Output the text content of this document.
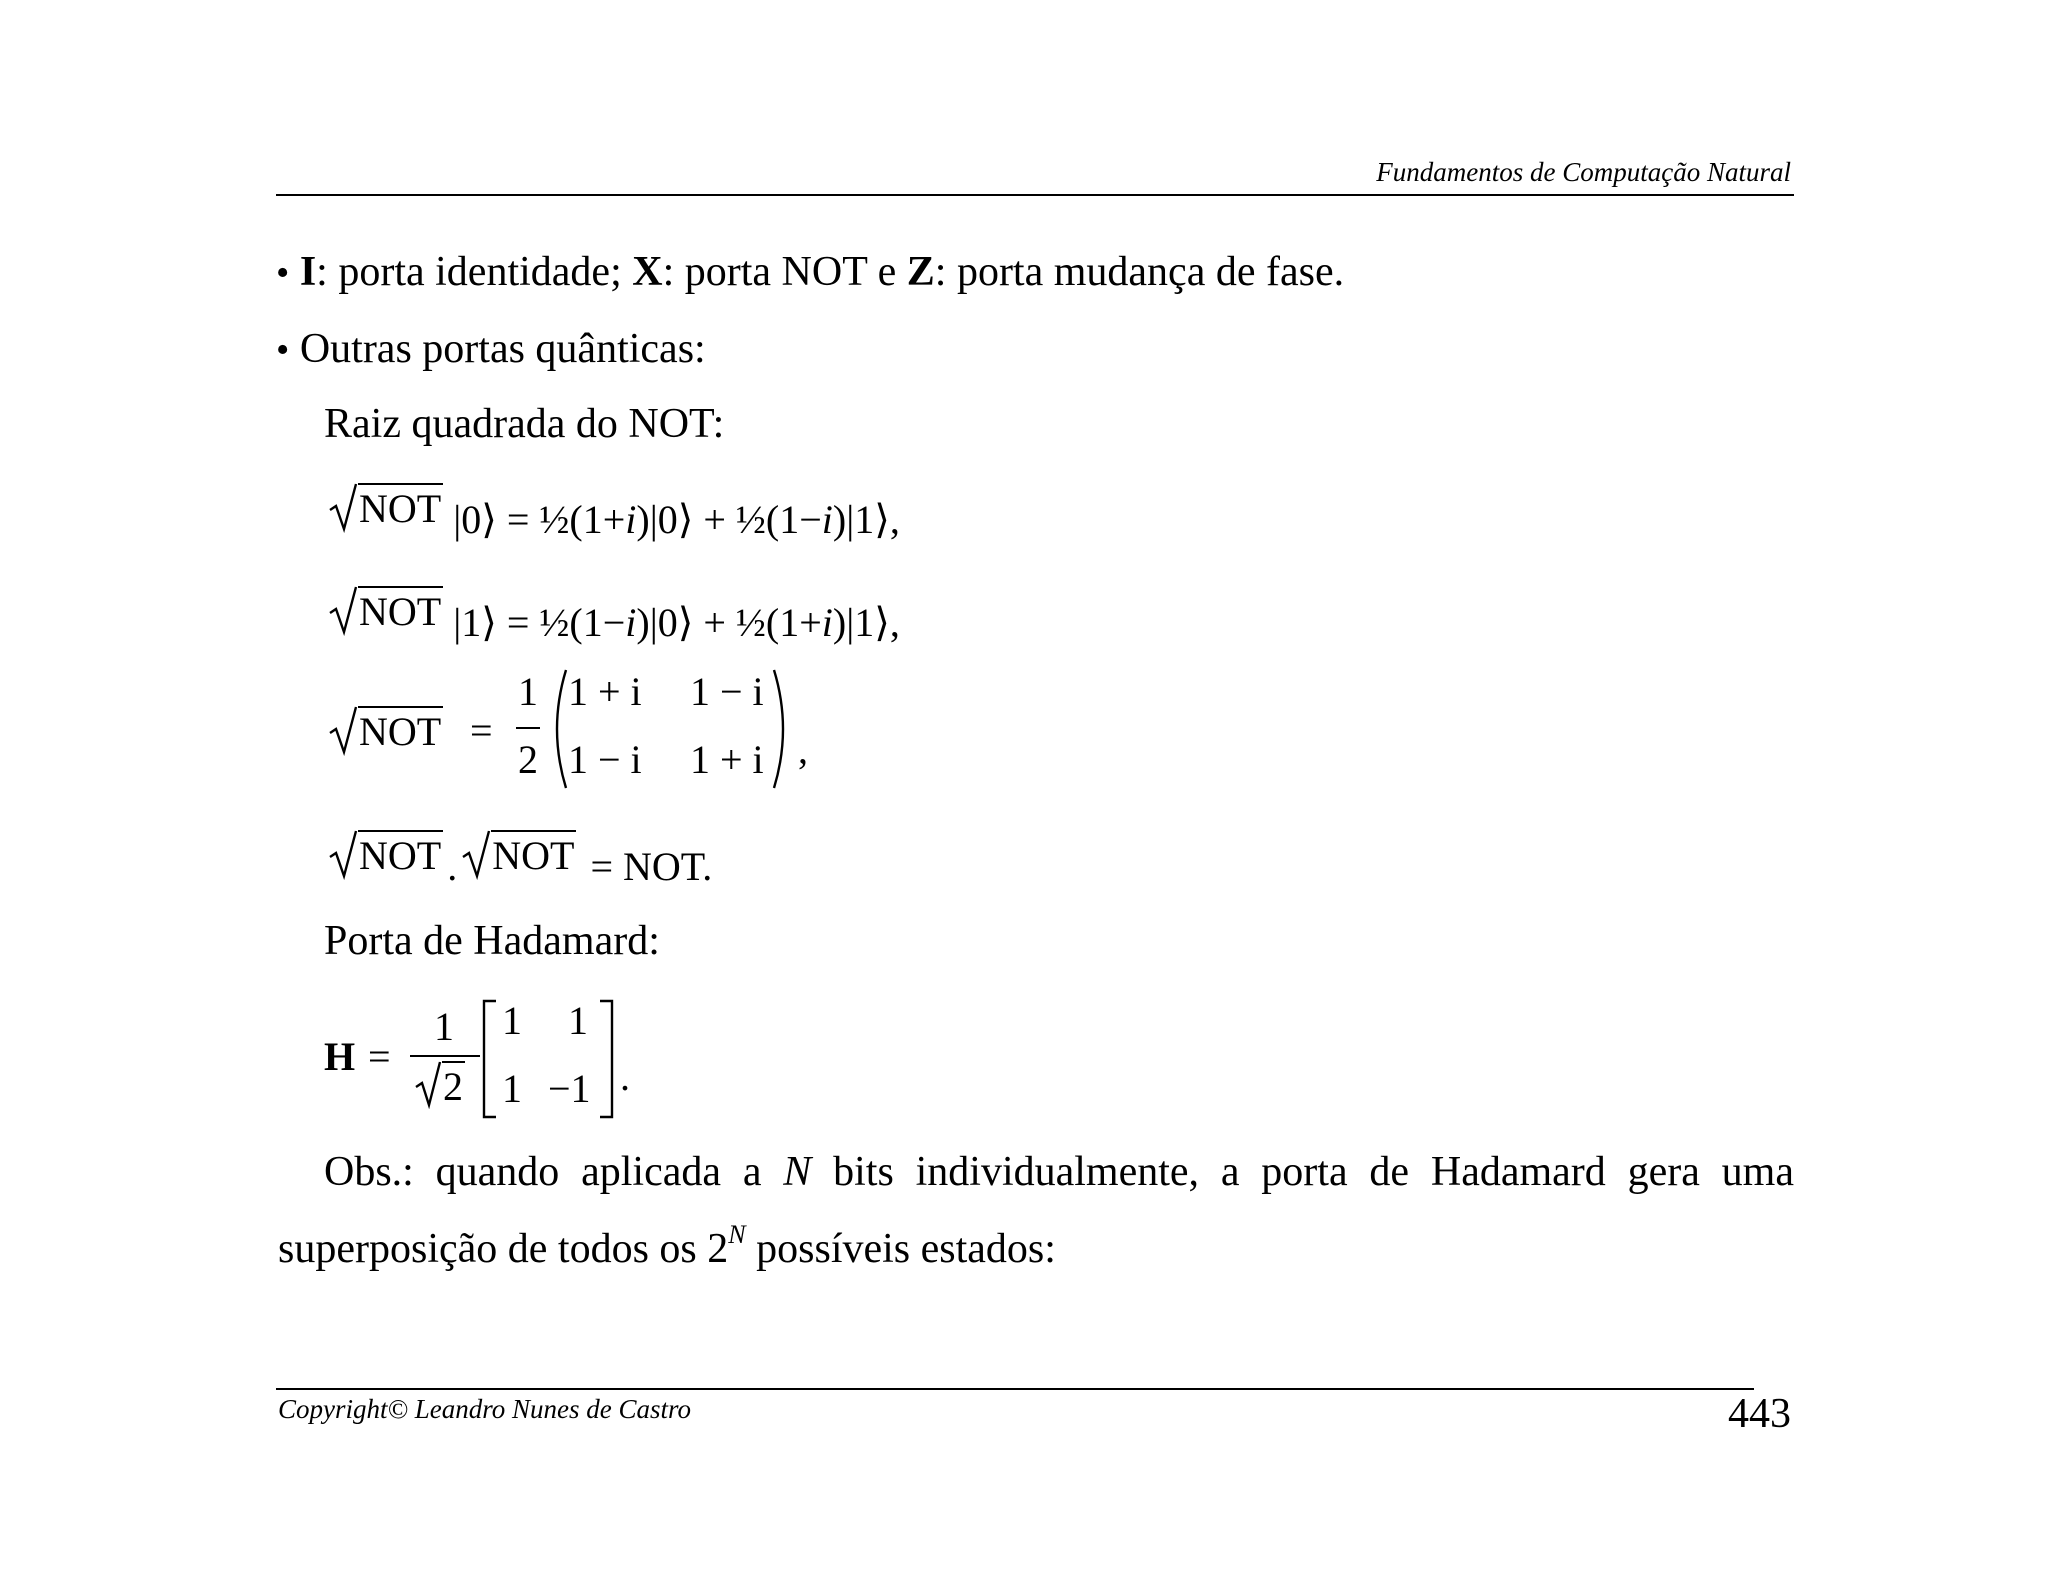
Fundamentos de Computação Natural
• I: porta identidade; X: porta NOT e Z: porta mudança de fase.
• Outras portas quânticas:
Raiz quadrada do NOT:
NOT |0⟩ = ½(1+i)|0⟩ + ½(1−i)|1⟩,
NOT |1⟩ = ½(1−i)|0⟩ + ½(1+i)|1⟩,
NOT =
1
2
1 + i 1 − i
1 − i 1 + i ,
NOT . NOT = NOT.
Porta de Hadamard:
H =
1
2
1 1
1 −1 .
Obs.: quando aplicada a N bits individualmente, a porta de Hadamard gera uma
superposição de todos os $2^N$ possíveis estados:
Copyright© Leandro Nunes de Castro	443
